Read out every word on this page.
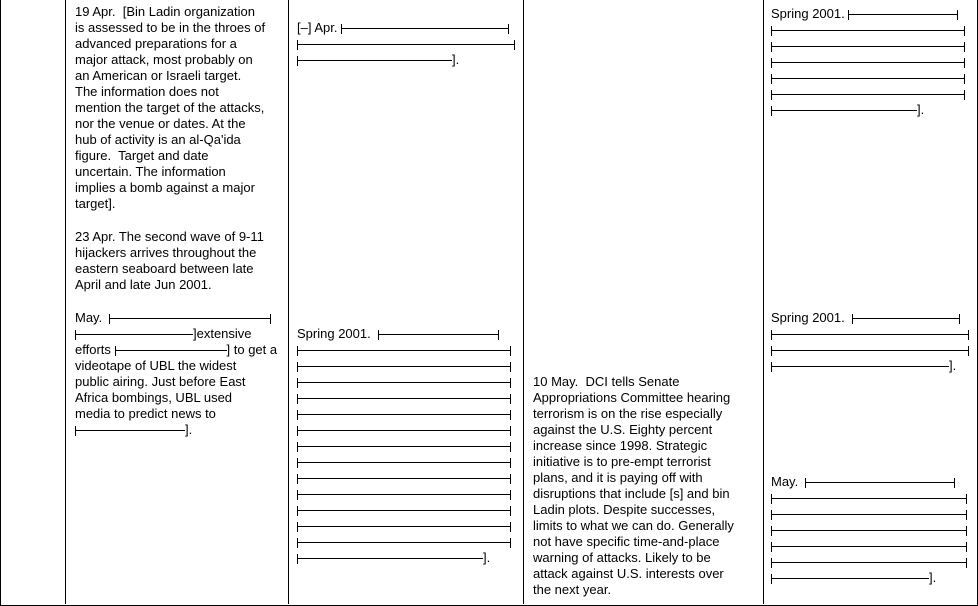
19 Apr.  [Bin Ladin organization
is assessed to be in the throes of
advanced preparations for a
major attack, most probably on
an American or Israeli target.
The information does not
mention the target of the attacks,
nor the venue or dates. At the
hub of activity is an al-Qa'ida
figure.  Target and date
uncertain. The information
implies a bomb against a major
target].
23 Apr. The second wave of 9-11
hijackers arrives throughout the
eastern seaboard between late
April and late Jun 2001.
May.

]extensive
efforts
	] to get a
videotape of UBL the widest
public airing. Just before East
Africa bombings, UBL used
media to predict news to
].
[–] Apr.

].
Spring 2001.

].
10 May.  DCI tells Senate
Appropriations Committee hearing
terrorism is on the rise especially
against the U.S. Eighty percent
increase since 1998. Strategic
initiative is to pre-empt terrorist
plans, and it is paying off with
disruptions that include [s] and bin
Ladin plots. Despite successes,
limits to what we can do. Generally
not have specific time-and-place
warning of attacks. Likely to be
attack against U.S. interests over
the next year.
Spring 2001.

].
Spring 2001.

].
May.

].
